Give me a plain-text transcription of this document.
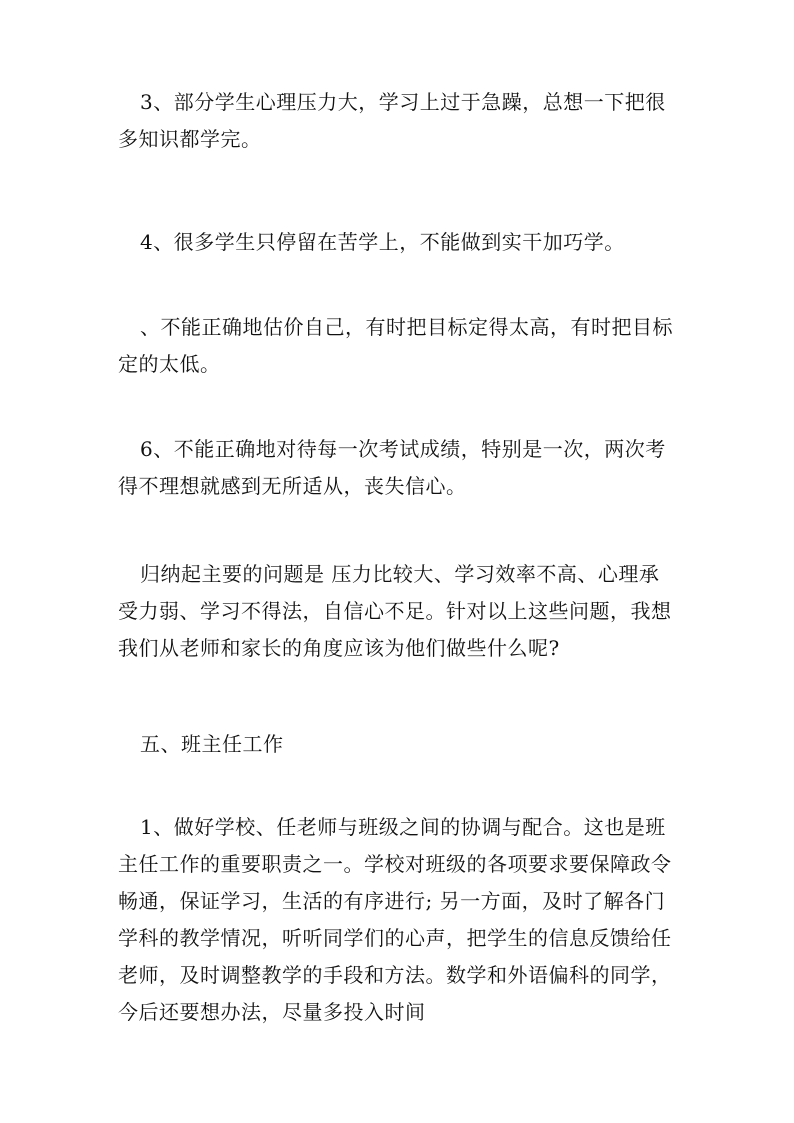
3、部分学生心理压力大，学习上过于急躁，总想一下把很多知识都学完。

4、很多学生只停留在苦学上，不能做到实干加巧学。

、不能正确地估价自己，有时把目标定得太高，有时把目标定的太低。

6、不能正确地对待每一次考试成绩，特别是一次，两次考得不理想就感到无所适从，丧失信心。

归纳起主要的问题是 压力比较大、学习效率不高、心理承受力弱、学习不得法，自信心不足。针对以上这些问题，我想我们从老师和家长的角度应该为他们做些什么呢?

五、班主任工作

1、做好学校、任老师与班级之间的协调与配合。这也是班主任工作的重要职责之一。学校对班级的各项要求要保障政令畅通，保证学习，生活的有序进行; 另一方面，及时了解各门学科的教学情况，听听同学们的心声，把学生的信息反馈给任老师，及时调整教学的手段和方法。数学和外语偏科的同学，今后还要想办法，尽量多投入时间
